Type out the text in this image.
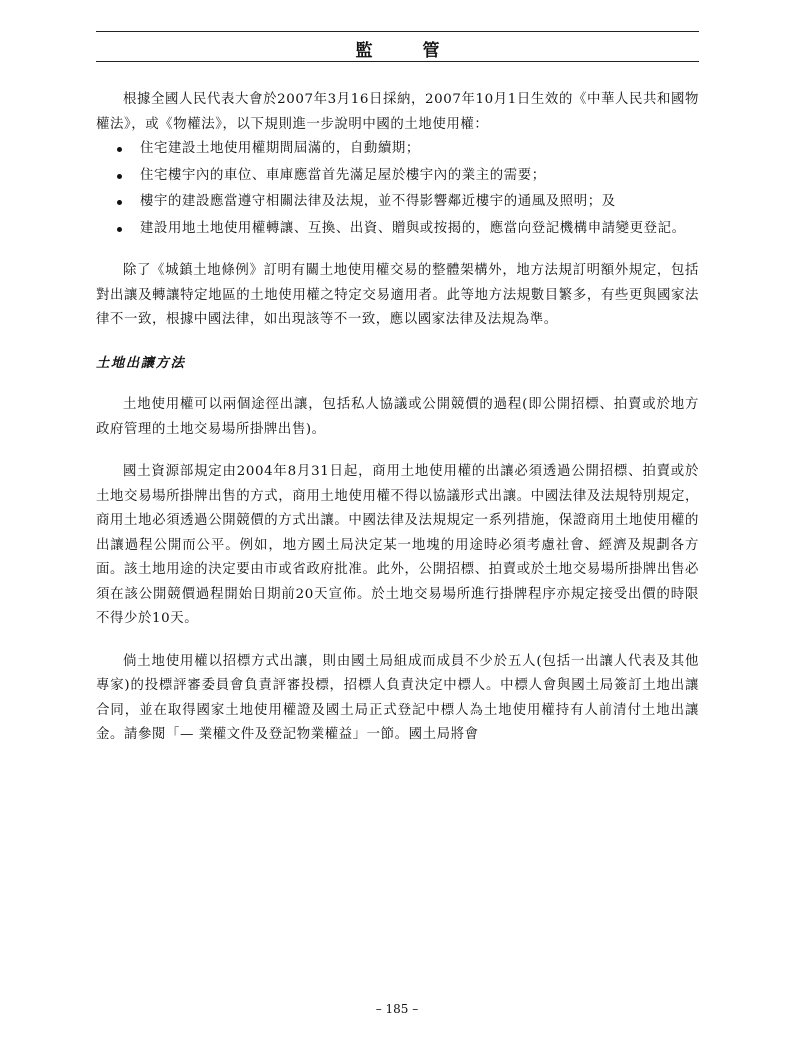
監 管

根據全國人民代表大會於2007年3月16日採納，2007年10月1日生效的《中華人民共和國物權法》，或《物權法》，以下規則進一步說明中國的土地使用權：

住宅建設土地使用權期間屆滿的，自動續期；
住宅樓宇內的車位、車庫應當首先滿足屋於樓宇內的業主的需要；
樓宇的建設應當遵守相關法律及法規，並不得影響鄰近樓宇的通風及照明；及
建設用地土地使用權轉讓、互換、出資、贈與或按揭的，應當向登記機構申請變更登記。

除了《城鎮土地條例》訂明有關土地使用權交易的整體架構外，地方法規訂明額外規定，包括對出讓及轉讓特定地區的土地使用權之特定交易適用者。此等地方法規數目繁多，有些更與國家法律不一致，根據中國法律，如出現該等不一致，應以國家法律及法規為準。

土地出讓方法

土地使用權可以兩個途徑出讓，包括私人協議或公開競價的過程(即公開招標、拍賣或於地方政府管理的土地交易場所掛牌出售)。

國土資源部規定由2004年8月31日起，商用土地使用權的出讓必須透過公開招標、拍賣或於土地交易場所掛牌出售的方式，商用土地使用權不得以協議形式出讓。中國法律及法規特別規定，商用土地必須透過公開競價的方式出讓。中國法律及法規規定一系列措施，保證商用土地使用權的出讓過程公開而公平。例如，地方國土局決定某一地塊的用途時必須考慮社會、經濟及規劃各方面。該土地用途的決定要由市或省政府批准。此外，公開招標、拍賣或於土地交易場所掛牌出售必須在該公開競價過程開始日期前20天宣佈。於土地交易場所進行掛牌程序亦規定接受出價的時限不得少於10天。

倘土地使用權以招標方式出讓，則由國土局組成而成員不少於五人(包括一出讓人代表及其他專家)的投標評審委員會負責評審投標，招標人負責決定中標人。中標人會與國土局簽訂土地出讓合同，並在取得國家土地使用權證及國土局正式登記中標人為土地使用權持有人前清付土地出讓金。請參閱「— 業權文件及登記物業權益」一節。國土局將會

– 185 –
